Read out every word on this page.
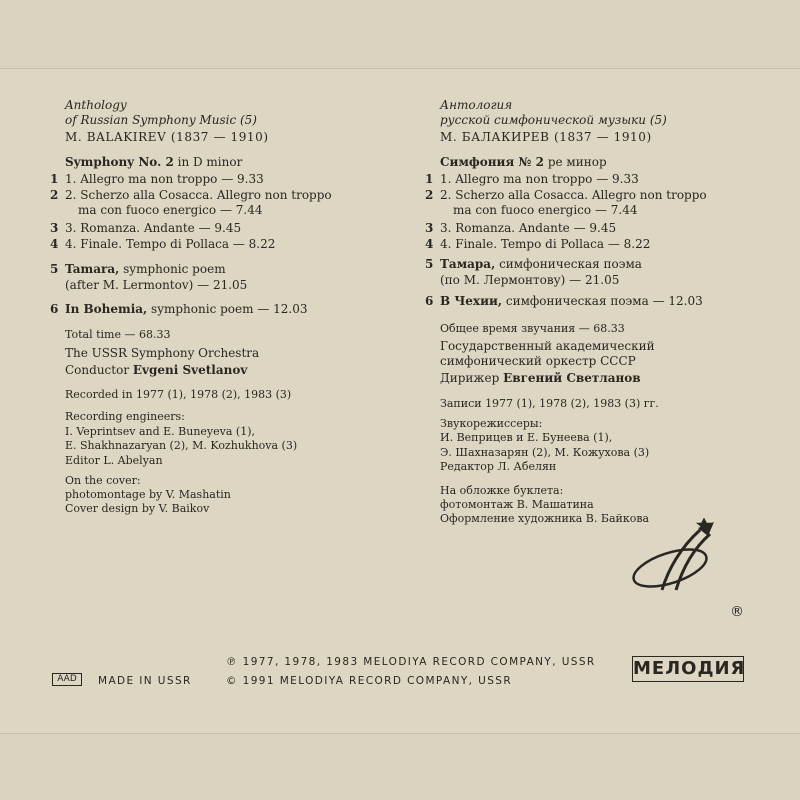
Anthology
of Russian Symphony Music (5)
M. BALAKIREV (1837 — 1910)
Symphony No. 2 in D minor
1 1. Allegro ma non troppo — 9.33
2 2. Scherzo alla Cosacca. Allegro non troppo
ma con fuoco energico — 7.44
3 3. Romanza. Andante — 9.45
4 4. Finale. Tempo di Pollaca — 8.22
5 Tamara, symphonic poem
(after M. Lermontov) — 21.05
6 In Bohemia, symphonic poem — 12.03
Total time — 68.33
The USSR Symphony Orchestra
Conductor Evgeni Svetlanov
Recorded in 1977 (1), 1978 (2), 1983 (3)
Recording engineers:
I. Veprintsev and E. Buneyeva (1),
E. Shakhnazaryan (2), M. Kozhukhova (3)
Editor L. Abelyan
On the cover:
photomontage by V. Mashatin
Cover design by V. Baikov
Антология
русской симфонической музыки (5)
М. БАЛАКИРЕВ (1837 — 1910)
Симфония № 2 ре минор
1 1. Allegro ma non troppo — 9.33
2 2. Scherzo alla Cosacca. Allegro non troppo
ma con fuoco energico — 7.44
3 3. Romanza. Andante — 9.45
4 4. Finale. Tempo di Pollaca — 8.22
5 Тамара, симфоническая поэма
(по М. Лермонтову) — 21.05
6 В Чехии, симфоническая поэма — 12.03
Общее время звучания — 68.33
Государственный академический
симфонический оркестр СССР
Дирижер Евгений Светланов
Записи 1977 (1), 1978 (2), 1983 (3) гг.
Звукорежиссеры:
И. Веприцев и Е. Бунеева (1),
Э. Шахназарян (2), М. Кожухова (3)
Редактор Л. Абелян
На обложке буклета:
фотомонтаж В. Машатина
Оформление художника В. Байкова
®
МЕЛОДИЯ
AAD	MADE IN USSR
℗ 1977, 1978, 1983 MELODIYA RECORD COMPANY, USSR
© 1991 MELODIYA RECORD COMPANY, USSR
